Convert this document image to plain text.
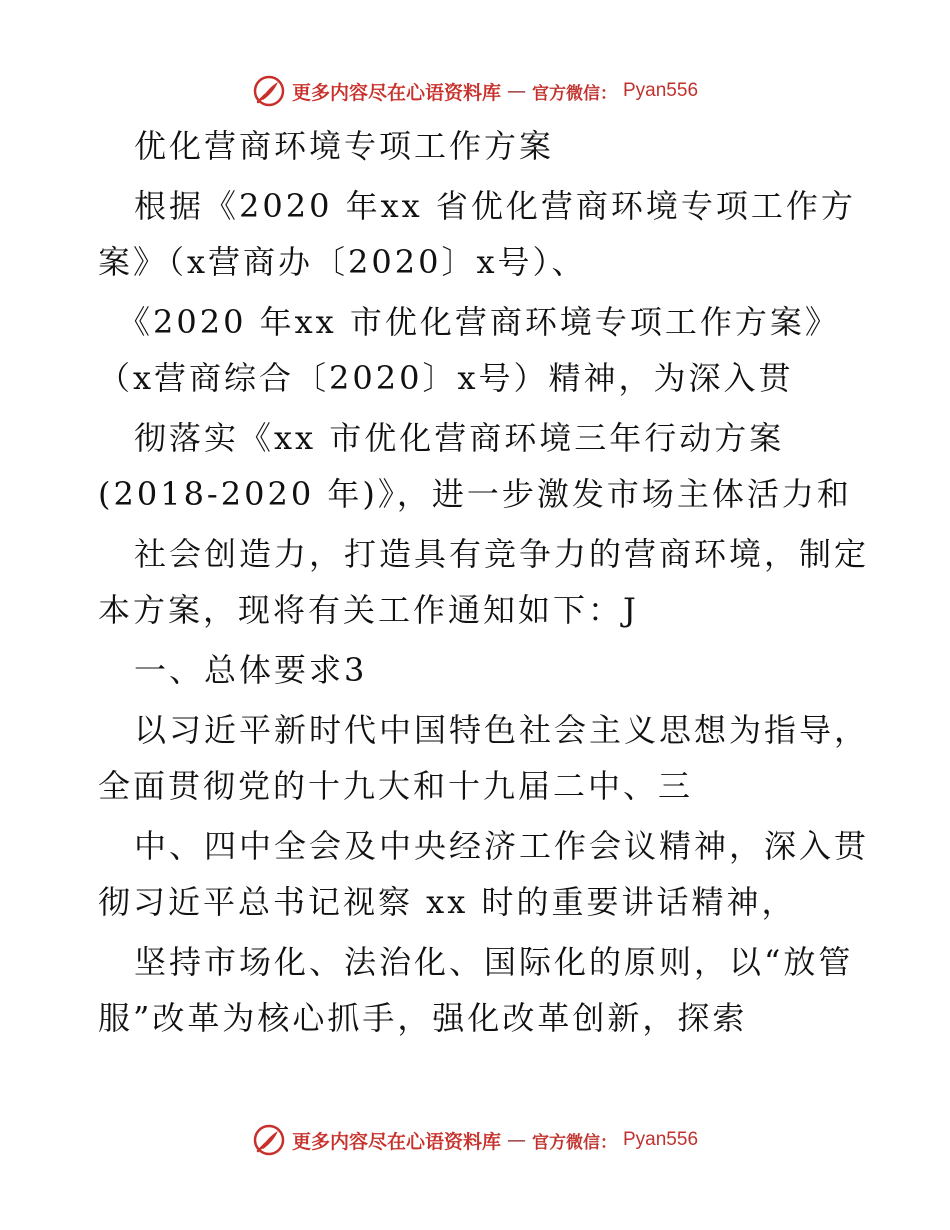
更多内容尽在心语资料库 — 官方微信： Pyan556
优化营商环境专项工作方案
根据《2020 年xx 省优化营商环境专项工作方
案》（x营商办〔2020〕x号）、
《2020 年xx 市优化营商环境专项工作方案》
（x营商综合〔2020〕x号）精神，为深入贯
彻落实《xx 市优化营商环境三年行动方案
(2018-2020 年)》，进一步激发市场主体活力和
社会创造力，打造具有竞争力的营商环境，制定
本方案，现将有关工作通知如下：J
一、总体要求3
以习近平新时代中国特色社会主义思想为指导，
全面贯彻党的十九大和十九届二中、三
中、四中全会及中央经济工作会议精神，深入贯
彻习近平总书记视察 xx 时的重要讲话精神，
坚持市场化、法治化、国际化的原则，以“放管
服”改革为核心抓手，强化改革创新，探索
更多内容尽在心语资料库 — 官方微信： Pyan556
